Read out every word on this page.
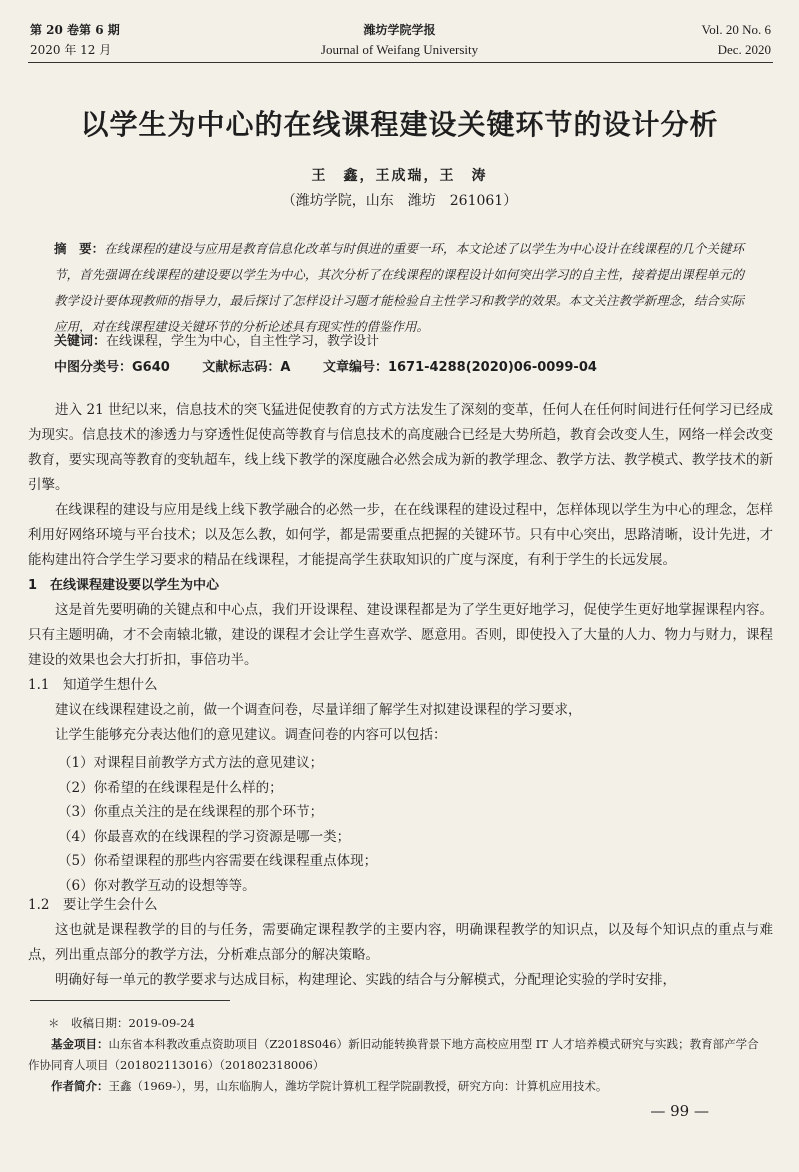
第 20 卷第 6 期
2020 年 12 月
潍坊学院学报
Journal of Weifang University
Vol. 20 No. 6
Dec. 2020
以学生为中心的在线课程建设关键环节的设计分析
王　鑫，王成瑞，王　涛
（潍坊学院，山东　潍坊　261061）
摘　要：在线课程的建设与应用是教育信息化改革与时俱进的重要一环，本文论述了以学生为中心设计在线课程的几个关键环节，首先强调在线课程的建设要以学生为中心，其次分析了在线课程的课程设计如何突出学习的自主性，接着提出课程单元的教学设计要体现教师的指导力，最后探讨了怎样设计习题才能检验自主性学习和教学的效果。本文关注教学新理念，结合实际应用，对在线课程建设关键环节的分析论述具有现实性的借鉴作用。
关键词：在线课程，学生为中心，自主性学习，教学设计
中图分类号：G640	文献标志码：A	文章编号：1671-4288(2020)06-0099-04

进入 21 世纪以来，信息技术的突飞猛进促使教育的方式方法发生了深刻的变革，任何人在任何时间进行任何学习已经成为现实。信息技术的渗透力与穿透性促使高等教育与信息技术的高度融合已经是大势所趋，教育会改变人生，网络一样会改变教育，要实现高等教育的变轨超车，线上线下教学的深度融合必然会成为新的教学理念、教学方法、教学模式、教学技术的新引擎。

在线课程的建设与应用是线上线下教学融合的必然一步，在在线课程的建设过程中，怎样体现以学生为中心的理念，怎样利用好网络环境与平台技术；以及怎么教，如何学，都是需要重点把握的关键环节。只有中心突出，思路清晰，设计先进，才能构建出符合学生学习要求的精品在线课程，才能提高学生获取知识的广度与深度，有利于学生的长远发展。

1　在线课程建设要以学生为中心

这是首先要明确的关键点和中心点，我们开设课程、建设课程都是为了学生更好地学习，促使学生更好地掌握课程内容。只有主题明确，才不会南辕北辙，建设的课程才会让学生喜欢学、愿意用。否则，即使投入了大量的人力、物力与财力，课程建设的效果也会大打折扣，事倍功半。

1.1　知道学生想什么

建议在线课程建设之前，做一个调查问卷，尽量详细了解学生对拟建设课程的学习要求，

让学生能够充分表达他们的意见建议。调查问卷的内容可以包括：

（1）对课程目前教学方式方法的意见建议；
（2）你希望的在线课程是什么样的；
（3）你重点关注的是在线课程的那个环节；
（4）你最喜欢的在线课程的学习资源是哪一类；
（5）你希望课程的那些内容需要在线课程重点体现；
（6）你对教学互动的设想等等。
1.2　要让学生会什么

这也就是课程教学的目的与任务，需要确定课程教学的主要内容，明确课程教学的知识点，以及每个知识点的重点与难点，列出重点部分的教学方法，分析难点部分的解决策略。

明确好每一单元的教学要求与达成目标，构建理论、实践的结合与分解模式，分配理论实验的学时安排，

＊　收稿日期：2019-09-24
基金项目：山东省本科教改重点资助项目（Z2018S046）新旧动能转换背景下地方高校应用型 IT 人才培养模式研究与实践；教育部产学合作协同育人项目（201802113016）（201802318006）
作者简介：王鑫（1969-），男，山东临朐人，潍坊学院计算机工程学院副教授，研究方向：计算机应用技术。
— 99 —
